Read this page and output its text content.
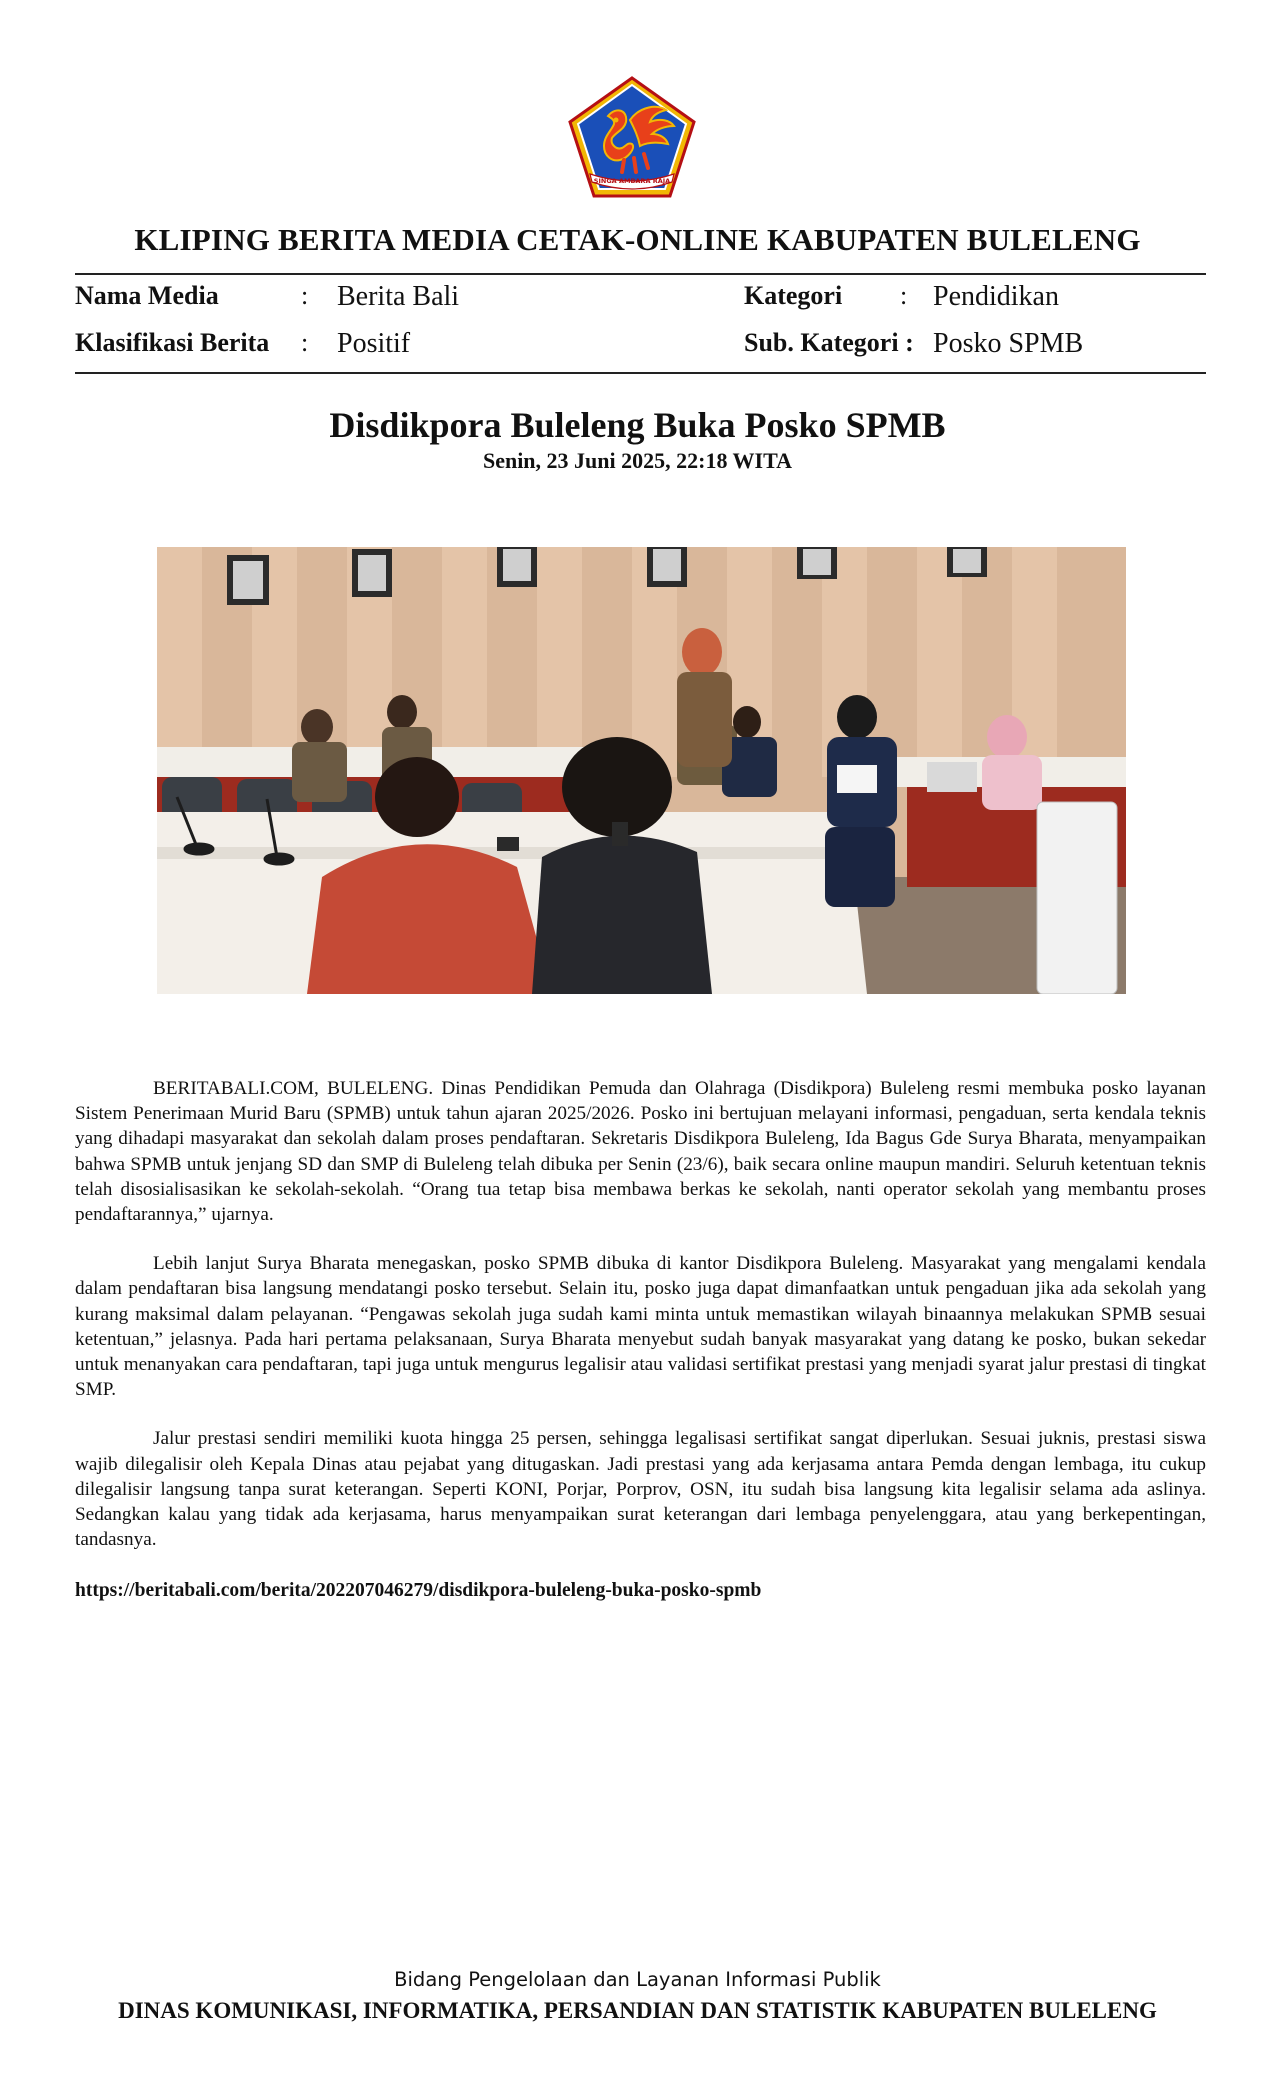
SINGA AMBARA RAJA
KLIPING BERITA MEDIA CETAK-ONLINE KABUPATEN BULELENG
Nama Media	: Berita Bali	Kategori : Pendidikan
Klasifikasi Berita : Positif	Sub. Kategori : Posko SPMB
Disdikpora Buleleng Buka Posko SPMB
Senin, 23 Juni 2025, 22:18 WITA

BERITABALI.COM, BULELENG. Dinas Pendidikan Pemuda dan Olahraga (Disdikpora) Buleleng resmi membuka posko layanan Sistem Penerimaan Murid Baru (SPMB) untuk tahun ajaran 2025/2026. Posko ini bertujuan melayani informasi, pengaduan, serta kendala teknis yang dihadapi masyarakat dan sekolah dalam proses pendaftaran. Sekretaris Disdikpora Buleleng, Ida Bagus Gde Surya Bharata, menyampaikan bahwa SPMB untuk jenjang SD dan SMP di Buleleng telah dibuka per Senin (23/6), baik secara online maupun mandiri. Seluruh ketentuan teknis telah disosialisasikan ke sekolah-sekolah. “Orang tua tetap bisa membawa berkas ke sekolah, nanti operator sekolah yang membantu proses pendaftarannya,” ujarnya.

Lebih lanjut Surya Bharata menegaskan, posko SPMB dibuka di kantor Disdikpora Buleleng. Masyarakat yang mengalami kendala dalam pendaftaran bisa langsung mendatangi posko tersebut. Selain itu, posko juga dapat dimanfaatkan untuk pengaduan jika ada sekolah yang kurang maksimal dalam pelayanan. “Pengawas sekolah juga sudah kami minta untuk memastikan wilayah binaannya melakukan SPMB sesuai ketentuan,” jelasnya. Pada hari pertama pelaksanaan, Surya Bharata menyebut sudah banyak masyarakat yang datang ke posko, bukan sekedar untuk menanyakan cara pendaftaran, tapi juga untuk mengurus legalisir atau validasi sertifikat prestasi yang menjadi syarat jalur prestasi di tingkat SMP.

Jalur prestasi sendiri memiliki kuota hingga 25 persen, sehingga legalisasi sertifikat sangat diperlukan. Sesuai juknis, prestasi siswa wajib dilegalisir oleh Kepala Dinas atau pejabat yang ditugaskan. Jadi prestasi yang ada kerjasama antara Pemda dengan lembaga, itu cukup dilegalisir langsung tanpa surat keterangan. Seperti KONI, Porjar, Porprov, OSN, itu sudah bisa langsung kita legalisir selama ada aslinya. Sedangkan kalau yang tidak ada kerjasama, harus menyampaikan surat keterangan dari lembaga penyelenggara, atau yang berkepentingan, tandasnya.

https://beritabali.com/berita/202207046279/disdikpora-buleleng-buka-posko-spmb
Bidang Pengelolaan dan Layanan Informasi Publik
DINAS KOMUNIKASI, INFORMATIKA, PERSANDIAN DAN STATISTIK KABUPATEN BULELENG
